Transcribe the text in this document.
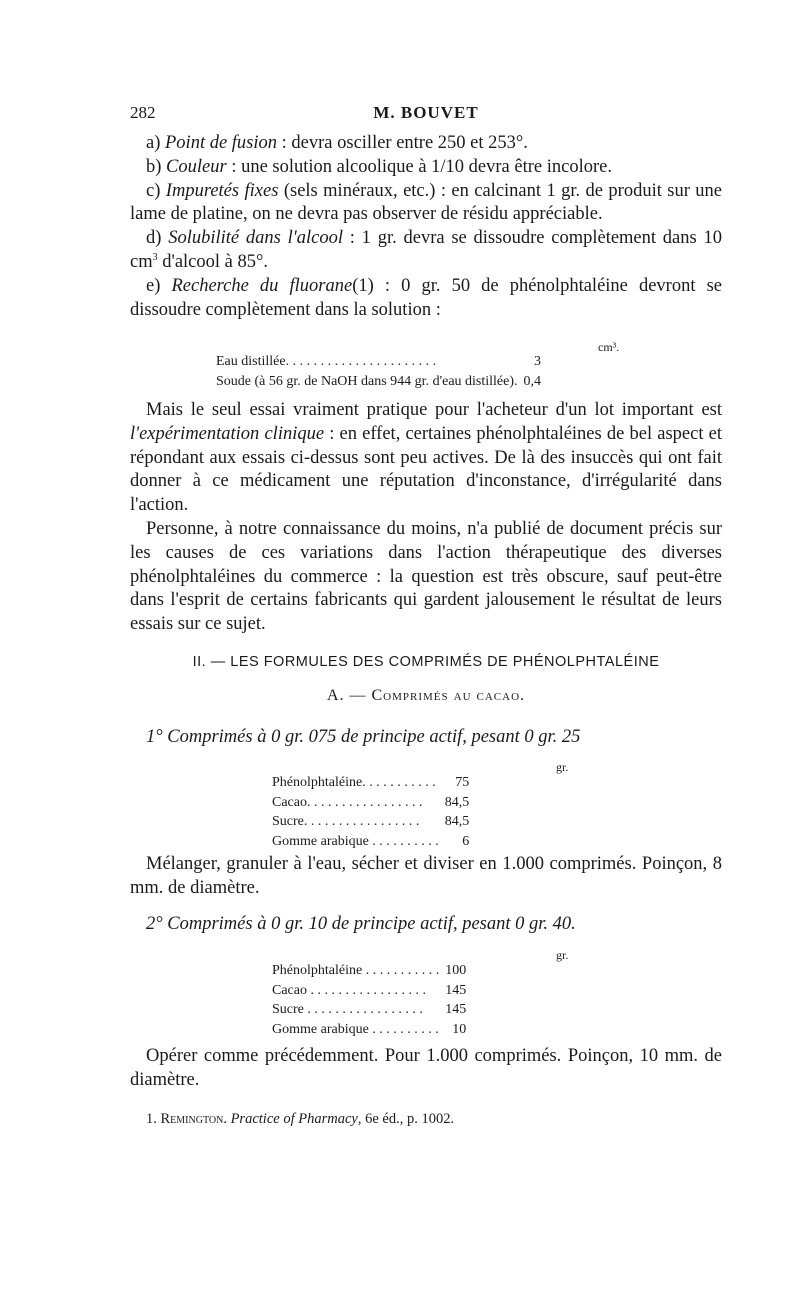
282	M. BOUVET

a) Point de fusion : devra osciller entre 250 et 253°.

b) Couleur : une solution alcoolique à 1/10 devra être incolore.

c) Impuretés fixes (sels minéraux, etc.) : en calcinant 1 gr. de produit sur une lame de platine, on ne devra pas observer de résidu appréciable.

d) Solubilité dans l'alcool : 1 gr. devra se dissoudre complètement dans 10 $cm^3$ d'alcool à 85°.

e) Recherche du fluorane(1) : 0 gr. 50 de phénolphtaléine devront se dissoudre complètement dans la solution :

cm³.
Eau distillée. . . . . . . . . . . . . . . . . . . . . .	3
Soude (à 56 gr. de NaOH dans 944 gr. d'eau distillée).	0,4

Mais le seul essai vraiment pratique pour l'acheteur d'un lot important est l'expérimentation clinique : en effet, certaines phénolphtaléines de bel aspect et répondant aux essais ci-dessus sont peu actives. De là des insuccès qui ont fait donner à ce médicament une réputation d'inconstance, d'irrégularité dans l'action.

Personne, à notre connaissance du moins, n'a publié de document précis sur les causes de ces variations dans l'action thérapeutique des diverses phénolphtaléines du commerce : la question est très obscure, sauf peut-être dans l'esprit de certains fabricants qui gardent jalousement le résultat de leurs essais sur ce sujet.

II. — LES FORMULES DES COMPRIMÉS DE PHÉNOLPHTALÉINE
A. — Comprimés au cacao.
1° Comprimés à 0 gr. 075 de principe actif, pesant 0 gr. 25
gr.
Phénolphtaléine. . . . . . . . . . .	75
Cacao. . . . . . . . . . . . . . . . .	84,5
Sucre. . . . . . . . . . . . . . . . .	84,5
Gomme arabique . . . . . . . . . .	6

Mélanger, granuler à l'eau, sécher et diviser en 1.000 comprimés. Poinçon, 8 mm. de diamètre.

2° Comprimés à 0 gr. 10 de principe actif, pesant 0 gr. 40.
gr.
Phénolphtaléine . . . . . . . . . . .	100
Cacao . . . . . . . . . . . . . . . . .	145
Sucre . . . . . . . . . . . . . . . . .	145
Gomme arabique . . . . . . . . . .	10

Opérer comme précédemment. Pour 1.000 comprimés. Poinçon, 10 mm. de diamètre.

1. Remington. Practice of Pharmacy, 6e éd., p. 1002.
